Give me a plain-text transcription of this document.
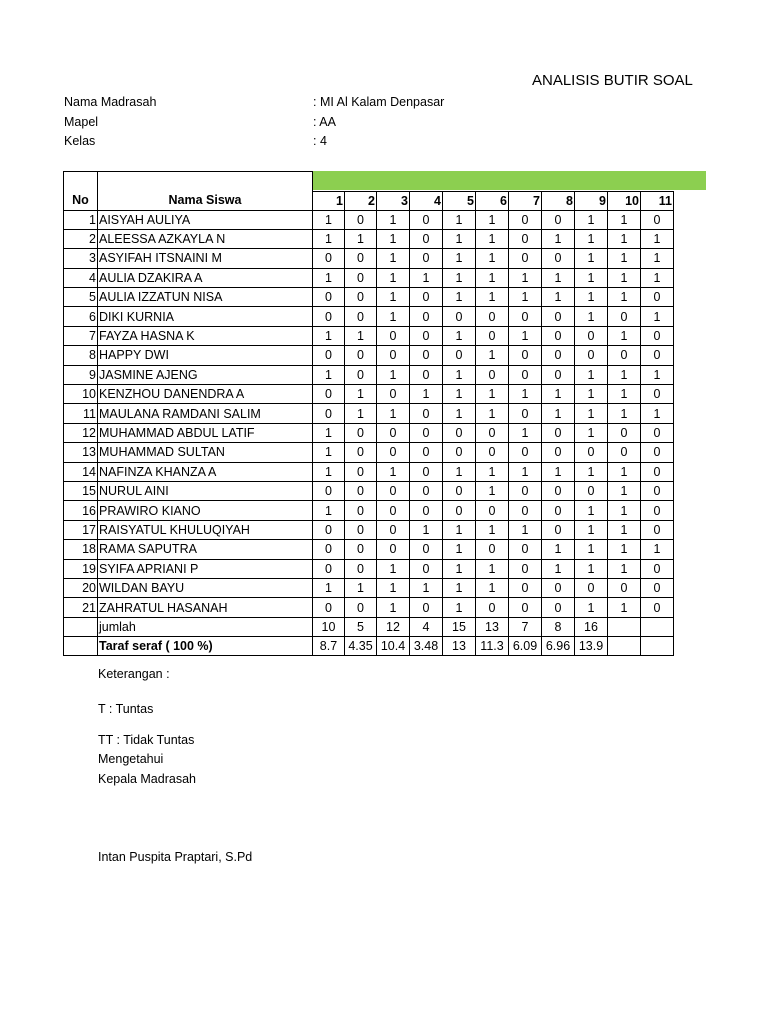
ANALISIS BUTIR SOAL
Nama Madrasah	: MI Al Kalam Denpasar
Mapel	: AA
Kelas	: 4

No	Nama Siswa	1	2	3	4	5	6	7	8	9	10	11
1	AISYAH AULIYA	1	0	1	0	1	1	0	0	1	1	0
2	ALEESSA AZKAYLA N	1	1	1	0	1	1	0	1	1	1	1
3	ASYIFAH ITSNAINI M	0	0	1	0	1	1	0	0	1	1	1
4	AULIA DZAKIRA A	1	0	1	1	1	1	1	1	1	1	1
5	AULIA IZZATUN NISA	0	0	1	0	1	1	1	1	1	1	0
6	DIKI KURNIA	0	0	1	0	0	0	0	0	1	0	1
7	FAYZA HASNA K	1	1	0	0	1	0	1	0	0	1	0
8	HAPPY DWI	0	0	0	0	0	1	0	0	0	0	0
9	JASMINE AJENG	1	0	1	0	1	0	0	0	1	1	1
10	KENZHOU DANENDRA A	0	1	0	1	1	1	1	1	1	1	0
11	MAULANA RAMDANI SALIM	0	1	1	0	1	1	0	1	1	1	1
12	MUHAMMAD ABDUL LATIF	1	0	0	0	0	0	1	0	1	0	0
13	MUHAMMAD SULTAN	1	0	0	0	0	0	0	0	0	0	0
14	NAFINZA KHANZA A	1	0	1	0	1	1	1	1	1	1	0
15	NURUL AINI	0	0	0	0	0	1	0	0	0	1	0
16	PRAWIRO KIANO	1	0	0	0	0	0	0	0	1	1	0
17	RAISYATUL KHULUQIYAH	0	0	0	1	1	1	1	0	1	1	0
18	RAMA SAPUTRA	0	0	0	0	1	0	0	1	1	1	1
19	SYIFA APRIANI P	0	0	1	0	1	1	0	1	1	1	0
20	WILDAN BAYU	1	1	1	1	1	1	0	0	0	0	0
21	ZAHRATUL HASANAH	0	0	1	0	1	0	0	0	1	1	0
	jumlah	10	5	12	4	15	13	7	8	16		
	Taraf seraf ( 100 %)	8.7	4.35	10.4	3.48	13	11.3	6.09	6.96	13.9		
Keterangan :
T : Tuntas
TT : Tidak Tuntas
Mengetahui
Kepala Madrasah
Intan Puspita Praptari, S.Pd
